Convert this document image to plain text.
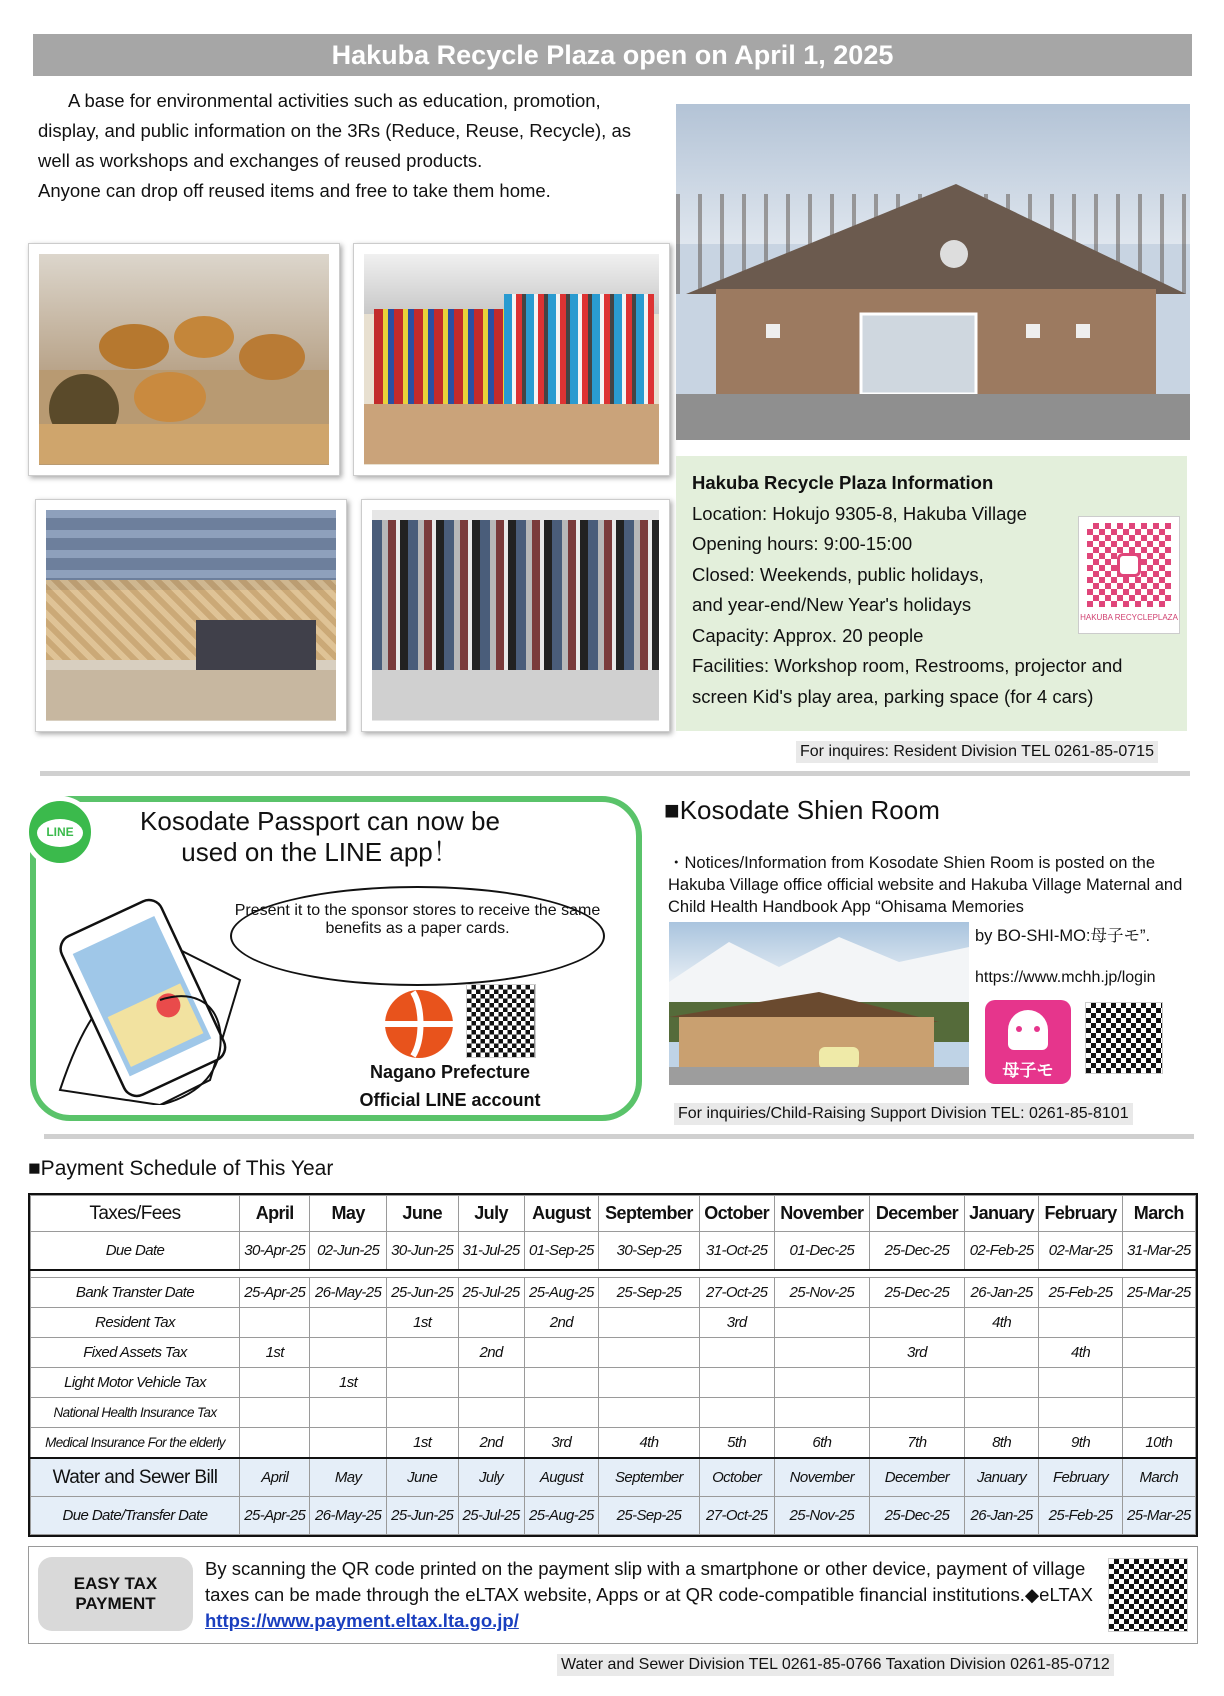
Hakuba Recycle Plaza open on April 1, 2025

A base for environmental activities such as education, promotion, display, and public information on the 3Rs (Reduce, Reuse, Recycle), as well as workshops and exchanges of reused products.

Anyone can drop off reused items and free to take them home.

Hakuba Recycle Plaza Information
Location: Hokujo 9305-8, Hakuba Village
Opening hours: 9:00-15:00
Closed: Weekends, public holidays,
and year-end/New Year's holidays
Capacity: Approx. 20 people
Facilities: Workshop room, Restrooms, projector and screen Kid's play area, parking space (for 4 cars)
HAKUBA RECYCLEPLAZA
For inquires: Resident Division TEL 0261-85-0715
LINE	Kosodate Passport can now be
used on the LINE app！
Present it to the sponsor stores to receive the same benefits as a paper cards.
Nagano Prefecture
Official LINE account
■Kosodate Shien Room
・Notices/Information from Kosodate Shien Room is posted on the Hakuba Village office official website and Hakuba Village Maternal and Child Health Handbook App “Ohisama Memories
by BO-SHI-MO:母子モ”.
https://www.mchh.jp/login
母子モ
For inquiries/Child-Raising Support Division TEL: 0261-85-8101
■Payment Schedule of This Year
Taxes/Fees	April	May	June	July	August	September	October	November	December	January	February	March
Due Date	30-Apr-25	02-Jun-25	30-Jun-25	31-Jul-25	01-Sep-25	30-Sep-25	31-Oct-25	01-Dec-25	25-Dec-25	02-Feb-25	02-Mar-25	31-Mar-25

Bank Transter Date	25-Apr-25	26-May-25	25-Jun-25	25-Jul-25	25-Aug-25	25-Sep-25	27-Oct-25	25-Nov-25	25-Dec-25	26-Jan-25	25-Feb-25	25-Mar-25
Resident Tax			1st		2nd		3rd			4th		
Fixed Assets Tax	1st			2nd					3rd		4th	
Light Motor Vehicle Tax		1st										
National Health Insurance Tax												
Medical Insurance For the elderly			1st	2nd	3rd	4th	5th	6th	7th	8th	9th	10th
Water and Sewer Bill	April	May	June	July	August	September	October	November	December	January	February	March
Due Date/Transfer Date	25-Apr-25	26-May-25	25-Jun-25	25-Jul-25	25-Aug-25	25-Sep-25	27-Oct-25	25-Nov-25	25-Dec-25	26-Jan-25	25-Feb-25	25-Mar-25
EASY TAX
PAYMENT
By scanning the QR code printed on the payment slip with a smartphone or other device, payment of village taxes can be made through the eLTAX website, Apps or at QR code-compatible financial institutions.◆eLTAX  https://www.payment.eltax.lta.go.jp/
Water and Sewer Division TEL 0261-85-0766 Taxation Division 0261-85-0712
